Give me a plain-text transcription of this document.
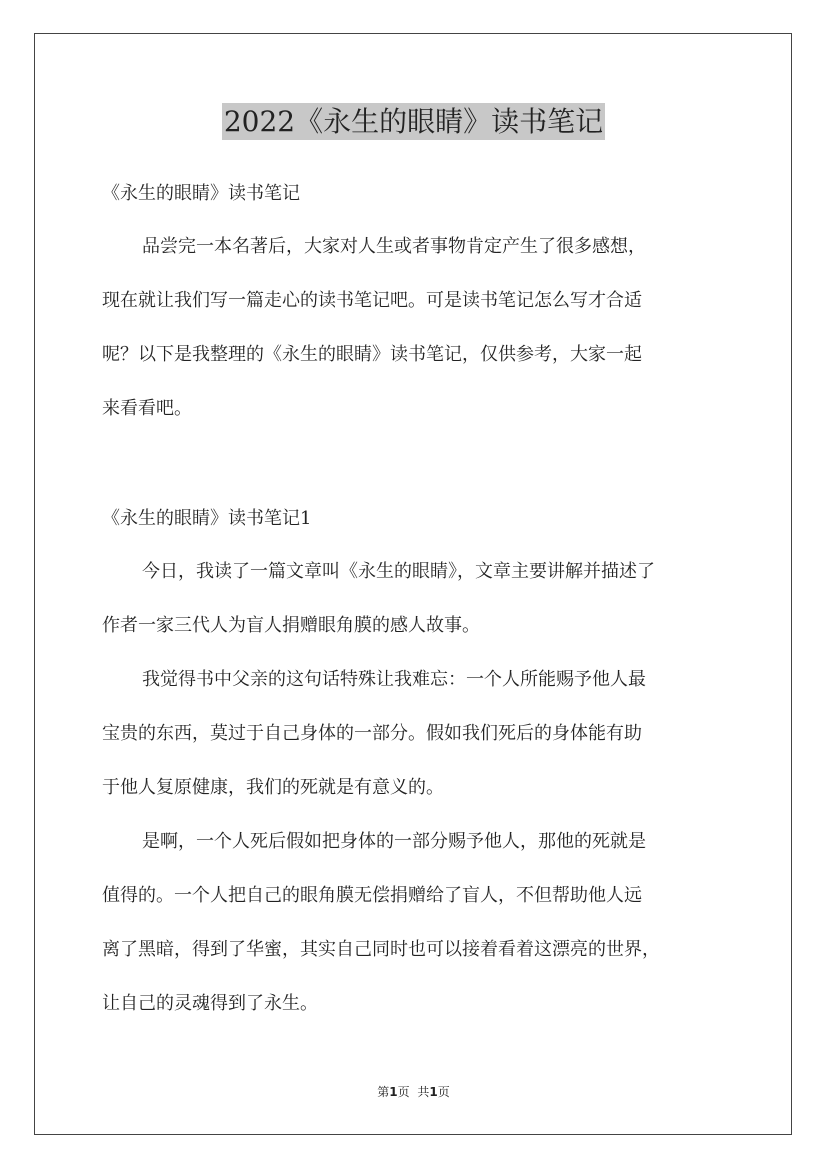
2022《永生的眼睛》读书笔记

《永生的眼睛》读书笔记

品尝完一本名著后，大家对人生或者事物肯定产生了很多感想，
现在就让我们写一篇走心的读书笔记吧。可是读书笔记怎么写才合适
呢？以下是我整理的《永生的眼睛》读书笔记，仅供参考，大家一起
来看看吧。

《永生的眼睛》读书笔记1

今日，我读了一篇文章叫《永生的眼睛》，文章主要讲解并描述了
作者一家三代人为盲人捐赠眼角膜的感人故事。
我觉得书中父亲的这句话特殊让我难忘：一个人所能赐予他人最
宝贵的东西，莫过于自己身体的一部分。假如我们死后的身体能有助
于他人复原健康，我们的死就是有意义的。
是啊，一个人死后假如把身体的一部分赐予他人，那他的死就是
值得的。一个人把自己的眼角膜无偿捐赠给了盲人，不但帮助他人远
离了黑暗，得到了华蜜，其实自己同时也可以接着看着这漂亮的世界，
让自己的灵魂得到了永生。
第1页 共1页
